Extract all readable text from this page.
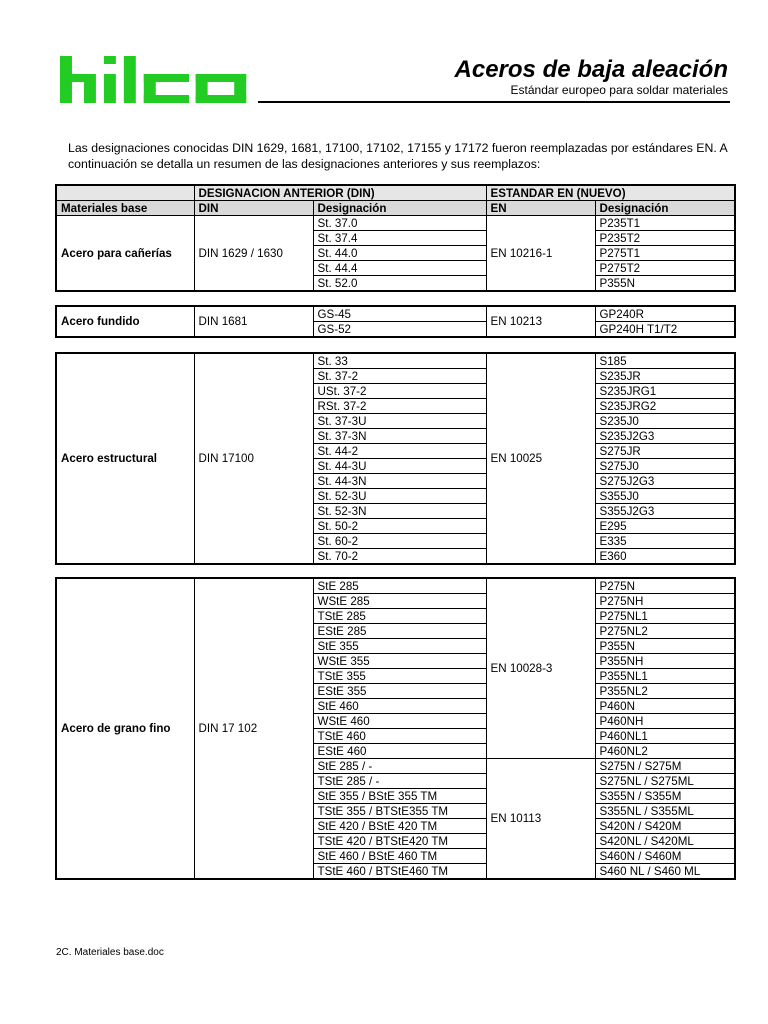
Aceros de baja aleación
Estándar europeo para soldar materiales
Las designaciones conocidas DIN 1629, 1681, 17100, 17102, 17155 y 17172 fueron reemplazadas por estándares EN. A continuación se detalla un resumen de las designaciones anteriores y sus reemplazos:
	DESIGNACION ANTERIOR (DIN)		ESTANDAR EN (NUEVO)	
Materiales base	DIN	Designación	EN	Designación
Acero para cañerías	DIN 1629 / 1630	St. 37.0	EN 10216-1	P235T1
		St. 37.4		P235T2
		St. 44.0		P275T1
		St. 44.4		P275T2
		St. 52.0		P355N
Acero fundido	DIN 1681	GS-45	EN 10213	GP240R
		GS-52		GP240H T1/T2
Acero estructural	DIN 17100	St. 33	EN 10025	S185
		St. 37-2		S235JR
		USt. 37-2		S235JRG1
		RSt. 37-2		S235JRG2
		St. 37-3U		S235J0
		St. 37-3N		S235J2G3
		St. 44-2		S275JR
		St. 44-3U		S275J0
		St. 44-3N		S275J2G3
		St. 52-3U		S355J0
		St. 52-3N		S355J2G3
		St. 50-2		E295
		St. 60-2		E335
		St. 70-2		E360
Acero de grano fino	DIN 17 102	StE 285	EN 10028-3	P275N
		WStE 285		P275NH
		TStE 285		P275NL1
		EStE 285		P275NL2
		StE 355		P355N
		WStE 355		P355NH
		TStE 355		P355NL1
		EStE 355		P355NL2
		StE 460		P460N
		WStE 460		P460NH
		TStE 460		P460NL1
		EStE 460		P460NL2
		StE 285 / -	EN 10113	S275N / S275M
		TStE 285 / -		S275NL / S275ML
		StE 355 / BStE 355 TM		S355N / S355M
		TStE 355 / BTStE355 TM		S355NL / S355ML
		StE 420 / BStE 420 TM		S420N / S420M
		TStE 420 / BTStE420 TM		S420NL / S420ML
		StE 460 / BStE 460 TM		S460N / S460M
		TStE 460 / BTStE460 TM		S460 NL / S460 ML
2C. Materiales base.doc
